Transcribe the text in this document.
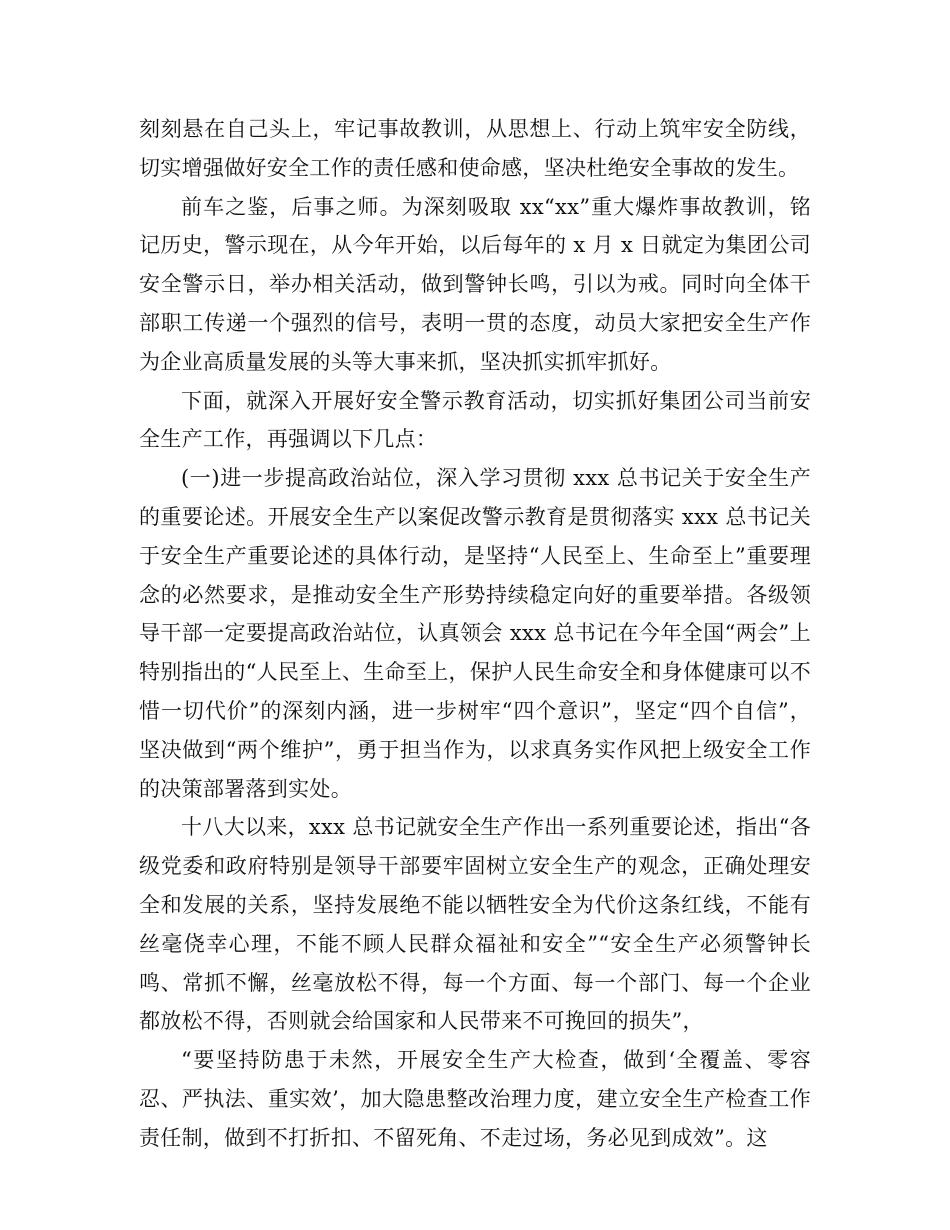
刻刻悬在自己头上，牢记事故教训，从思想上、行动上筑牢安全防线，切实增强做好安全工作的责任感和使命感，坚决杜绝安全事故的发生。

前车之鉴，后事之师。为深刻吸取 xx“xx”重大爆炸事故教训，铭记历史，警示现在，从今年开始，以后每年的 x 月 x 日就定为集团公司安全警示日，举办相关活动，做到警钟长鸣，引以为戒。同时向全体干部职工传递一个强烈的信号，表明一贯的态度，动员大家把安全生产作为企业高质量发展的头等大事来抓，坚决抓实抓牢抓好。

下面，就深入开展好安全警示教育活动，切实抓好集团公司当前安全生产工作，再强调以下几点：

(一)进一步提高政治站位，深入学习贯彻 xxx 总书记关于安全生产的重要论述。开展安全生产以案促改警示教育是贯彻落实 xxx 总书记关于安全生产重要论述的具体行动，是坚持“人民至上、生命至上”重要理念的必然要求，是推动安全生产形势持续稳定向好的重要举措。各级领导干部一定要提高政治站位，认真领会 xxx 总书记在今年全国“两会”上特别指出的“人民至上、生命至上，保护人民生命安全和身体健康可以不惜一切代价”的深刻内涵，进一步树牢“四个意识”，坚定“四个自信”，坚决做到“两个维护”，勇于担当作为，以求真务实作风把上级安全工作的决策部署落到实处。

十八大以来，xxx 总书记就安全生产作出一系列重要论述，指出“各级党委和政府特别是领导干部要牢固树立安全生产的观念，正确处理安全和发展的关系，坚持发展绝不能以牺牲安全为代价这条红线，不能有丝毫侥幸心理，不能不顾人民群众福祉和安全”“安全生产必须警钟长鸣、常抓不懈，丝毫放松不得，每一个方面、每一个部门、每一个企业都放松不得，否则就会给国家和人民带来不可挽回的损失”，

“要坚持防患于未然，开展安全生产大检查，做到‘全覆盖、零容忍、严执法、重实效’，加大隐患整改治理力度，建立安全生产检查工作责任制，做到不打折扣、不留死角、不走过场，务必见到成效”。这
